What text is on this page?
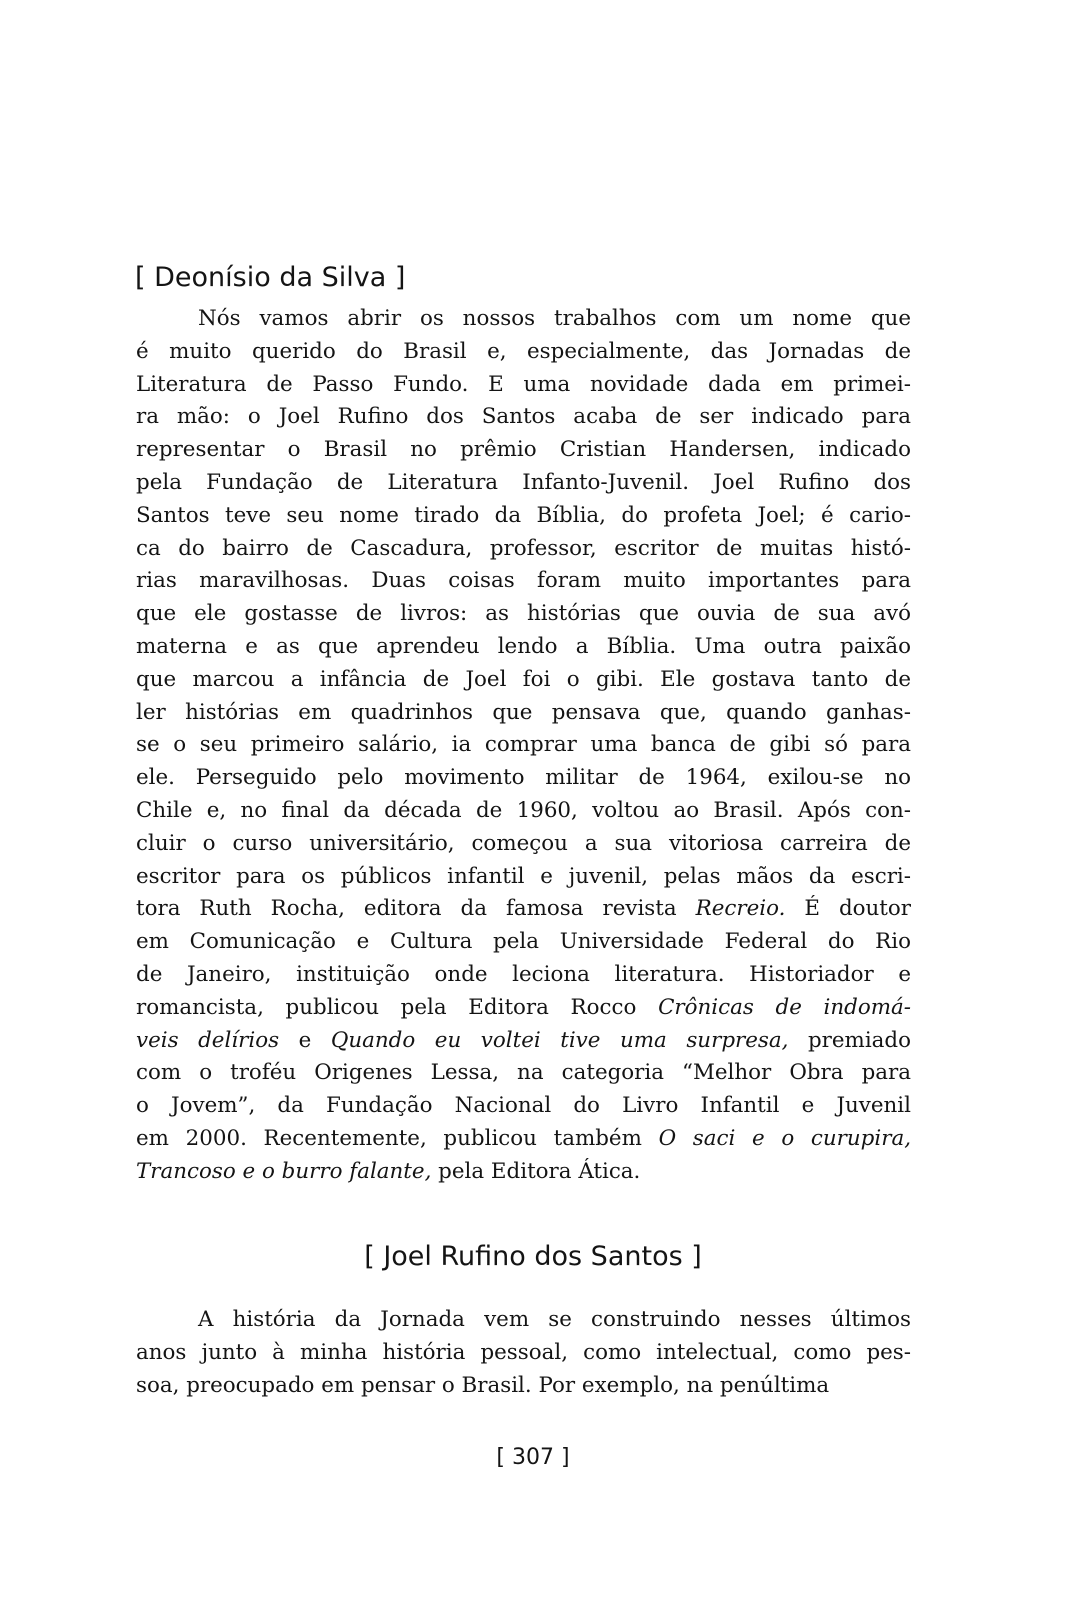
[ Deonísio da Silva ]
Nós vamos abrir os nossos trabalhos com um nome que
é muito querido do Brasil e, especialmente, das Jornadas de
Literatura de Passo Fundo. E uma novidade dada em primei-
ra mão: o Joel Rufino dos Santos acaba de ser indicado para
representar o Brasil no prêmio Cristian Handersen, indicado
pela Fundação de Literatura Infanto-Juvenil. Joel Rufino dos
Santos teve seu nome tirado da Bíblia, do profeta Joel; é cario-
ca do bairro de Cascadura, professor, escritor de muitas histó-
rias maravilhosas. Duas coisas foram muito importantes para
que ele gostasse de livros: as histórias que ouvia de sua avó
materna e as que aprendeu lendo a Bíblia. Uma outra paixão
que marcou a infância de Joel foi o gibi. Ele gostava tanto de
ler histórias em quadrinhos que pensava que, quando ganhas-
se o seu primeiro salário, ia comprar uma banca de gibi só para
ele. Perseguido pelo movimento militar de 1964, exilou-se no
Chile e, no final da década de 1960, voltou ao Brasil. Após con-
cluir o curso universitário, começou a sua vitoriosa carreira de
escritor para os públicos infantil e juvenil, pelas mãos da escri-
tora Ruth Rocha, editora da famosa revista Recreio. É doutor
em Comunicação e Cultura pela Universidade Federal do Rio
de Janeiro, instituição onde leciona literatura. Historiador e
romancista, publicou pela Editora Rocco Crônicas de indomá-
veis delírios e Quando eu voltei tive uma surpresa, premiado
com o troféu Origenes Lessa, na categoria “Melhor Obra para
o Jovem”, da Fundação Nacional do Livro Infantil e Juvenil
em 2000. Recentemente, publicou também O saci e o curupira,
Trancoso e o burro falante, pela Editora Ática.
[ Joel Rufino dos Santos ]
A história da Jornada vem se construindo nesses últimos
anos junto à minha história pessoal, como intelectual, como pes-
soa, preocupado em pensar o Brasil. Por exemplo, na penúltima
[ 307 ]
